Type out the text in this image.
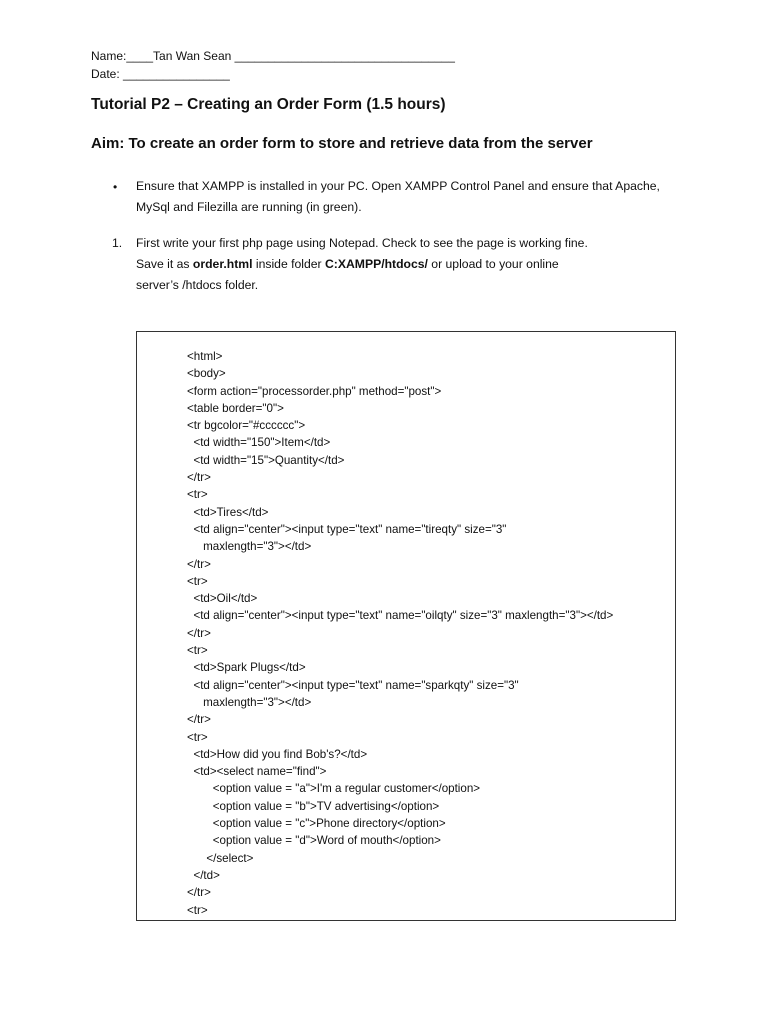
Name:____Tan Wan Sean _________________________________
Date: ________________
Tutorial P2 – Creating an Order Form (1.5 hours)
Aim: To create an order form to store and retrieve data from the server
• Ensure that XAMPP is installed in your PC. Open XAMPP Control Panel and ensure that Apache, MySql and Filezilla are running (in green).
1. First write your first php page using Notepad. Check to see the page is working fine.
Save it as order.html inside folder C:XAMPP/htdocs/ or upload to your online
server’s /htdocs folder.
<html>
<body>
<form action="processorder.php" method="post">
<table border="0">
<tr bgcolor="#cccccc">
<td width="150">Item</td>
<td width="15">Quantity</td>
</tr>
<tr>
<td>Tires</td>
<td align="center"><input type="text" name="tireqty" size="3"
maxlength="3"></td>
</tr>
<tr>
<td>Oil</td>
<td align="center"><input type="text" name="oilqty" size="3" maxlength="3"></td>
</tr>
<tr>
<td>Spark Plugs</td>
<td align="center"><input type="text" name="sparkqty" size="3"
maxlength="3"></td>
</tr>
<tr>
<td>How did you find Bob's?</td>
<td><select name="find">
<option value = "a">I'm a regular customer</option>
<option value = "b">TV advertising</option>
<option value = "c">Phone directory</option>
<option value = "d">Word of mouth</option>
</select>
</td>
</tr>
<tr>
